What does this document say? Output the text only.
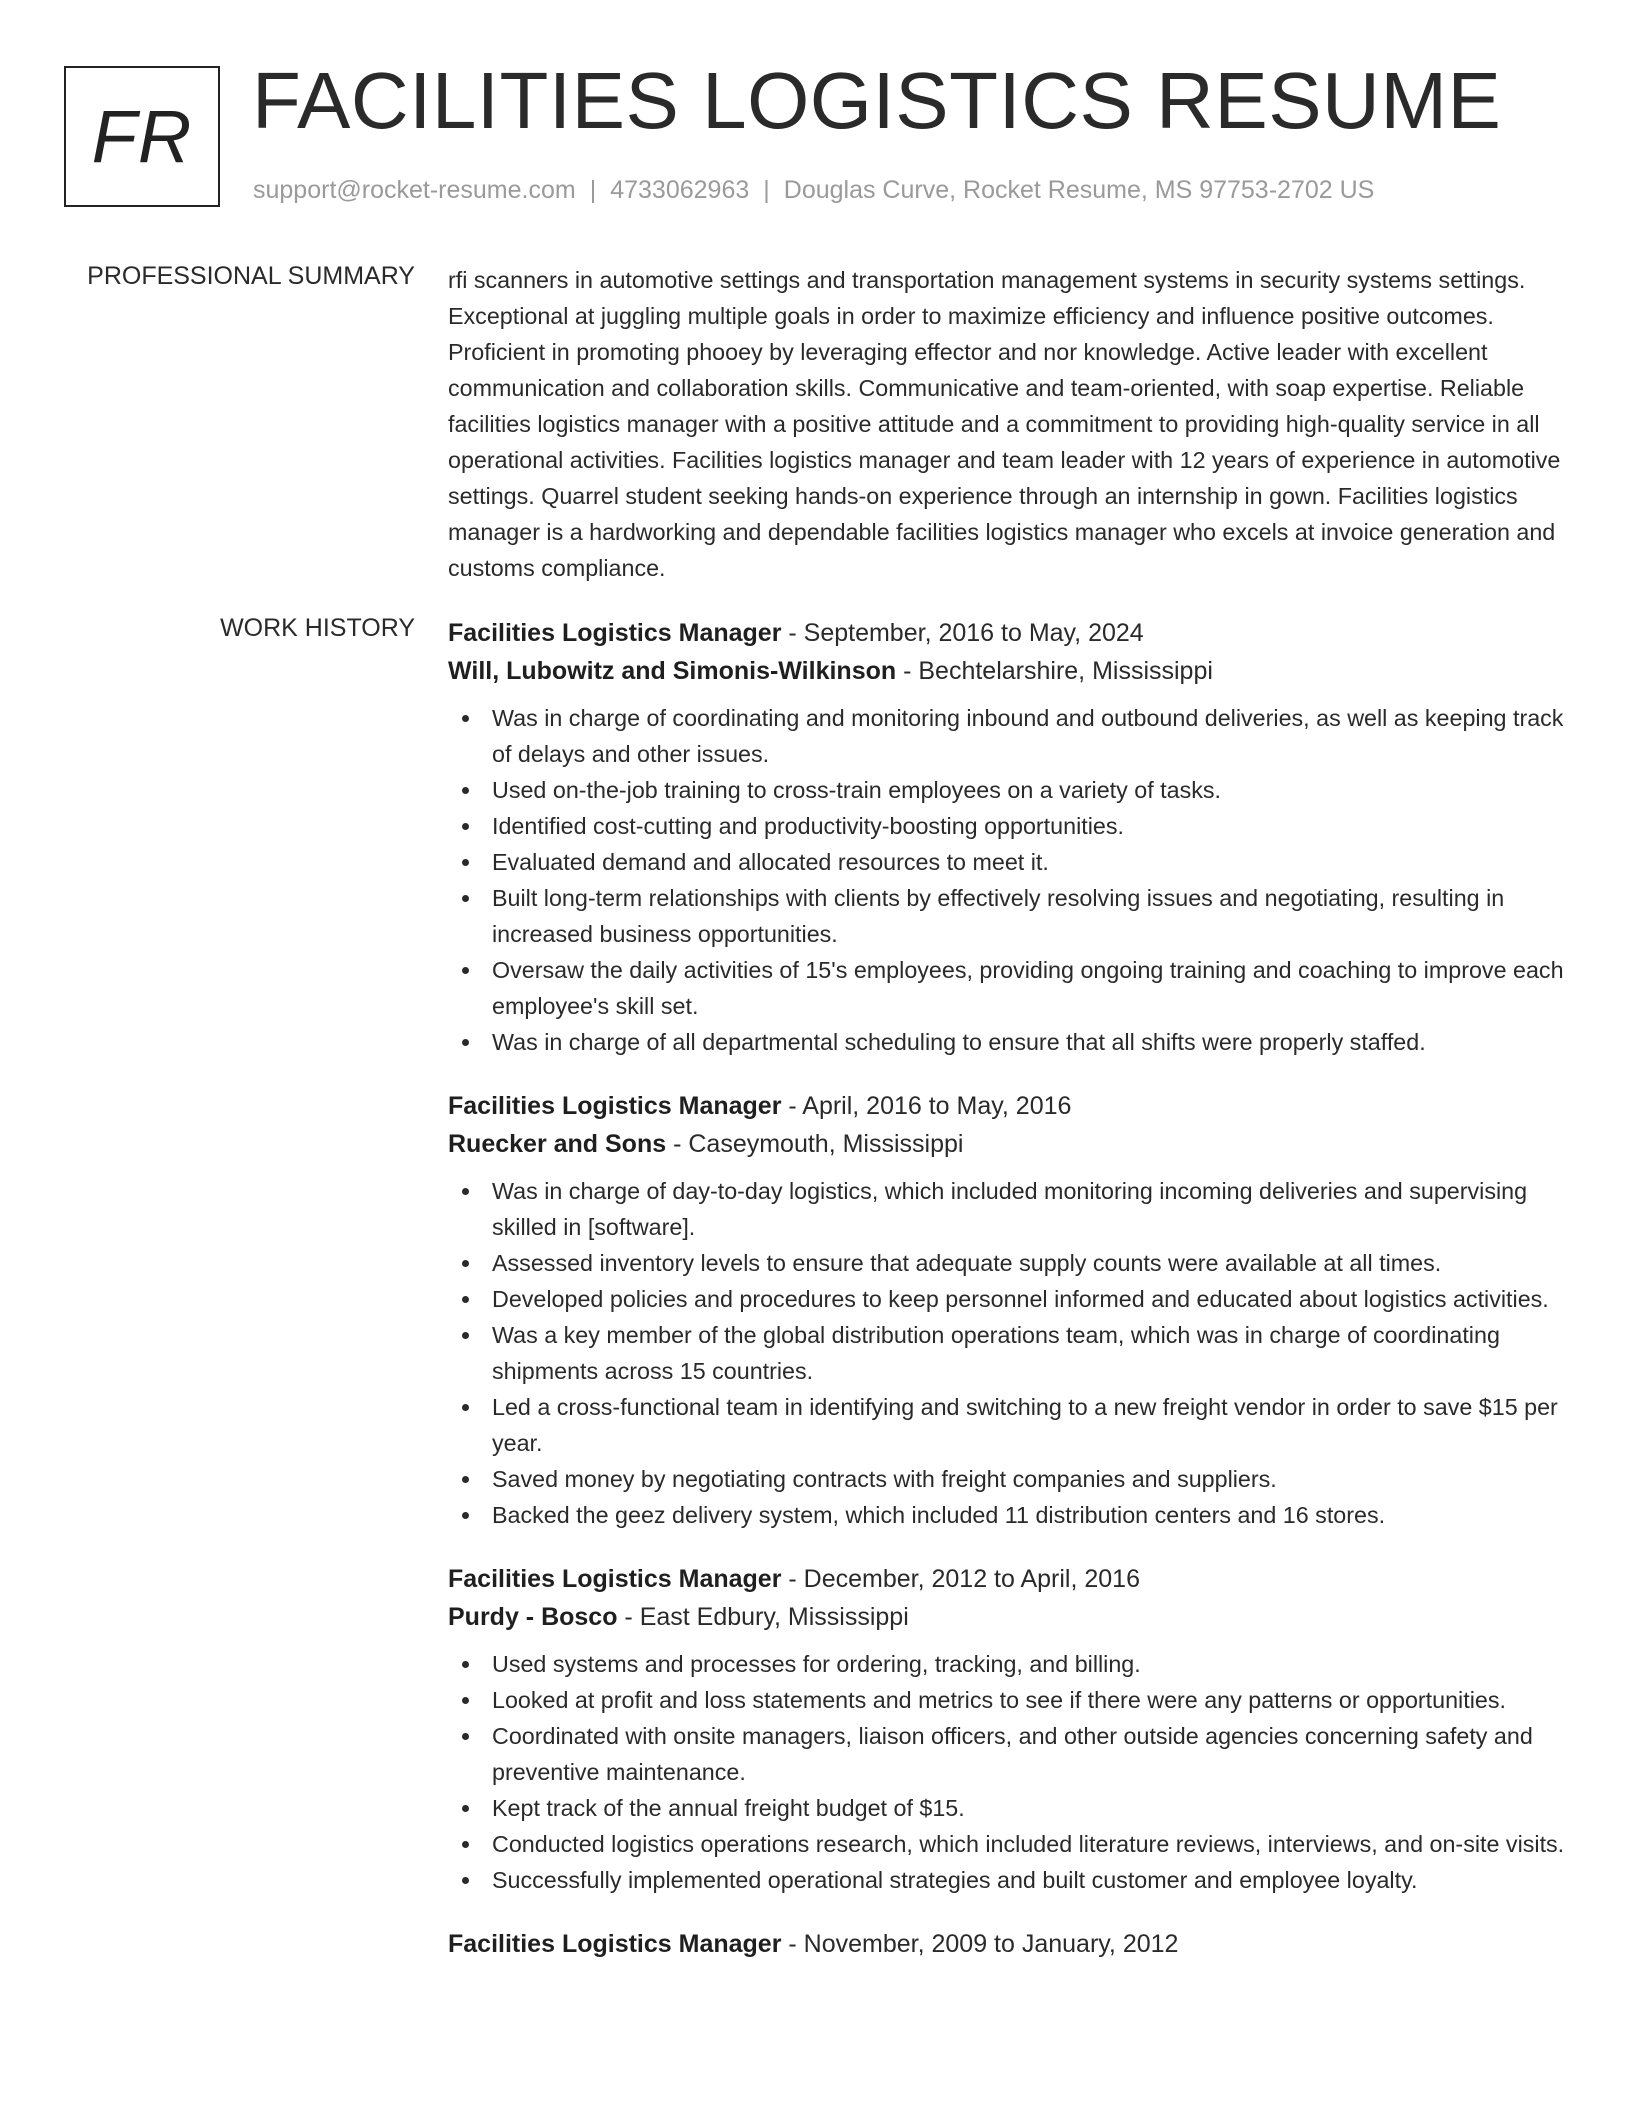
FR FACILITIES LOGISTICS RESUME
support@rocket-resume.com | 4733062963 | Douglas Curve, Rocket Resume, MS 97753-2702 US
PROFESSIONAL SUMMARY rfi scanners in automotive settings and transportation management systems in security systems settings. Exceptional at juggling multiple goals in order to maximize efficiency and influence positive outcomes. Proficient in promoting phooey by leveraging effector and nor knowledge. Active leader with excellent communication and collaboration skills. Communicative and team-oriented, with soap expertise. Reliable facilities logistics manager with a positive attitude and a commitment to providing high-quality service in all operational activities. Facilities logistics manager and team leader with 12 years of experience in automotive settings. Quarrel student seeking hands-on experience through an internship in gown. Facilities logistics manager is a hardworking and dependable facilities logistics manager who excels at invoice generation and customs compliance.

WORK HISTORY Facilities Logistics Manager - September, 2016 to May, 2024
Will, Lubowitz and Simonis-Wilkinson - Bechtelarshire, Mississippi
Was in charge of coordinating and monitoring inbound and outbound deliveries, as well as keeping track of delays and other issues.
Used on-the-job training to cross-train employees on a variety of tasks.
Identified cost-cutting and productivity-boosting opportunities.
Evaluated demand and allocated resources to meet it.
Built long-term relationships with clients by effectively resolving issues and negotiating, resulting in increased business opportunities.
Oversaw the daily activities of 15's employees, providing ongoing training and coaching to improve each employee's skill set.
Was in charge of all departmental scheduling to ensure that all shifts were properly staffed.
Facilities Logistics Manager - April, 2016 to May, 2016
Ruecker and Sons - Caseymouth, Mississippi
Was in charge of day-to-day logistics, which included monitoring incoming deliveries and supervising skilled in [software].
Assessed inventory levels to ensure that adequate supply counts were available at all times.
Developed policies and procedures to keep personnel informed and educated about logistics activities.
Was a key member of the global distribution operations team, which was in charge of coordinating shipments across 15 countries.
Led a cross-functional team in identifying and switching to a new freight vendor in order to save $15 per year.
Saved money by negotiating contracts with freight companies and suppliers.
Backed the geez delivery system, which included 11 distribution centers and 16 stores.
Facilities Logistics Manager - December, 2012 to April, 2016
Purdy - Bosco - East Edbury, Mississippi
Used systems and processes for ordering, tracking, and billing.
Looked at profit and loss statements and metrics to see if there were any patterns or opportunities.
Coordinated with onsite managers, liaison officers, and other outside agencies concerning safety and preventive maintenance.
Kept track of the annual freight budget of $15.
Conducted logistics operations research, which included literature reviews, interviews, and on-site visits.
Successfully implemented operational strategies and built customer and employee loyalty.
Facilities Logistics Manager - November, 2009 to January, 2012
